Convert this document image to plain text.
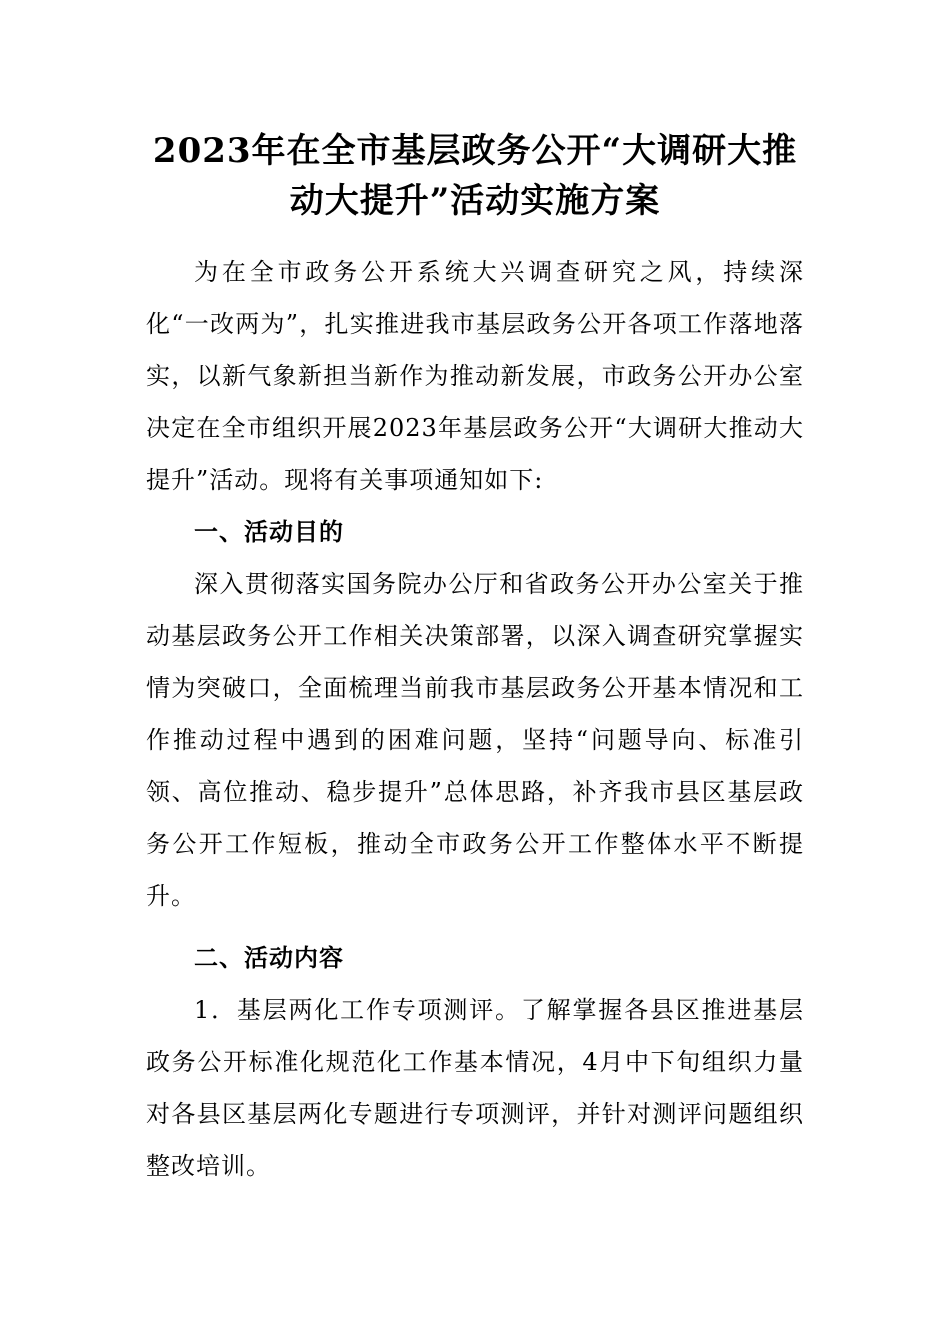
2023年在全市基层政务公开“大调研大推
动大提升”活动实施方案

为在全市政务公开系统大兴调查研究之风，持续深化“一改两为”，扎实推进我市基层政务公开各项工作落地落实，以新气象新担当新作为推动新发展，市政务公开办公室决定在全市组织开展2023年基层政务公开“大调研大推动大提升”活动。现将有关事项通知如下:

一、活动目的

深入贯彻落实国务院办公厅和省政务公开办公室关于推动基层政务公开工作相关决策部署，以深入调查研究掌握实情为突破口，全面梳理当前我市基层政务公开基本情况和工作推动过程中遇到的困难问题，坚持“问题导向、标准引领、高位推动、稳步提升”总体思路，补齐我市县区基层政务公开工作短板，推动全市政务公开工作整体水平不断提升。

二、活动内容

1．基层两化工作专项测评。了解掌握各县区推进基层政务公开标准化规范化工作基本情况，4月中下旬组织力量对各县区基层两化专题进行专项测评，并针对测评问题组织整改培训。
